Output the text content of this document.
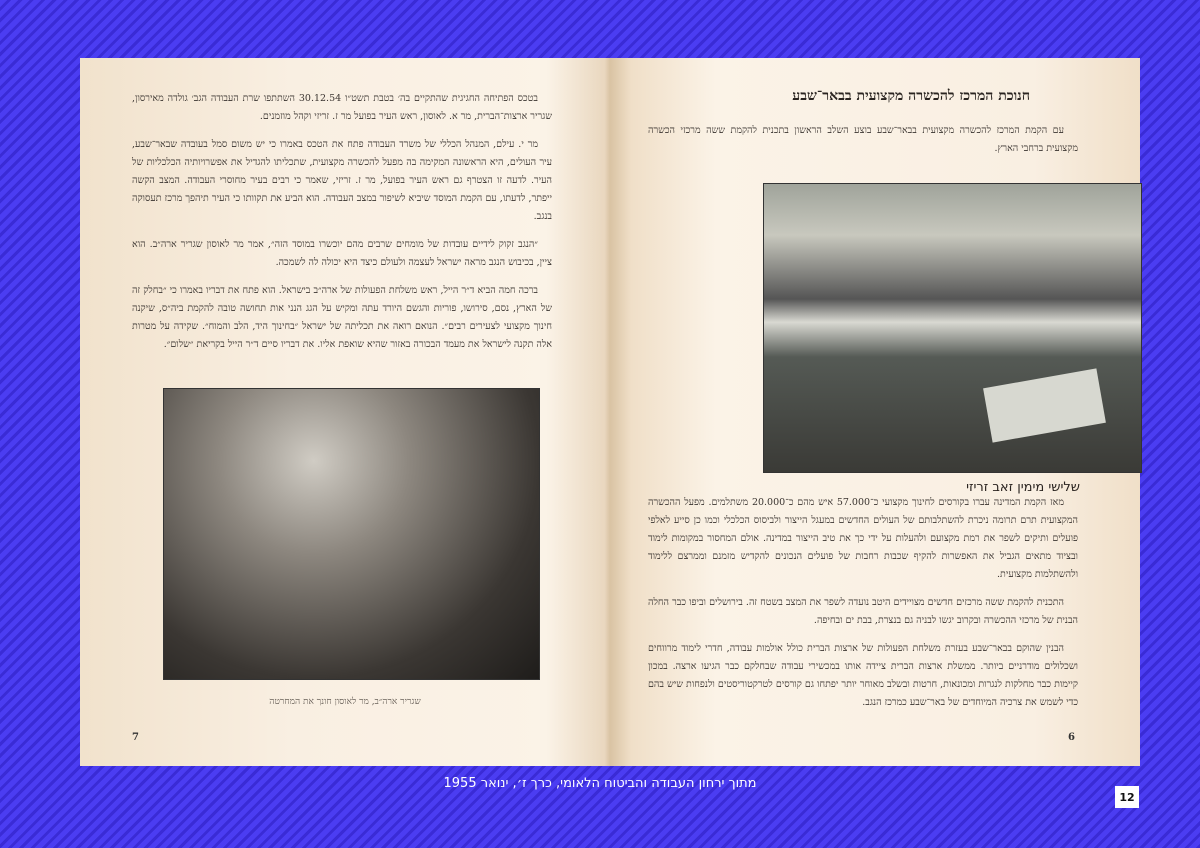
בטכס הפתיחה החגיגית שהתקיים בה׳ בטבת תשט״ו 30.12.54 השתתפו שרת העבודה הגב׳ גולדה מאירסון, שגריר ארצות־הברית, מר א. לאוסון, ראש העיר בפועל מר ז. זריזי וקהל מוזמנים.

מר י. עילם, המנהל הכללי של משרד העבודה פתח את הטכס באמרו כי יש משום סמל בעובדה שבאר־שבע, עיר העולים, היא הראשונה המקימה בה מפעל להכשרה מקצועית, שתכליתו להגדיל את אפשרויותיה הכלכליות של העיר. לדעה זו הצטרף גם ראש העיר בפועל, מר ז. זריזי, שאמר כי רבים בעיר מחוסרי העבודה. המצב הקשה ייפתר, לדעתו, עם הקמת המוסד שיביא לשיפור במצב העבודה. הוא הביע את תקוותו כי העיר תיהפך מרכז תעסוקה בנגב.

״הנגב זקוק לידיים עובדות של מומחים שרבים מהם יוכשרו במוסד הזה״, אמר מר לאוסון שגריר ארה״ב. הוא ציין, בכיבוש הנגב מראה ישראל לעצמה ולעולם כיצד היא יכולה לה לשמכה.

ברכה חמה הביא ד״ר הייל, ראש משלחת הפעולות של ארה״ב בישראל. הוא פתח את דבריו באמרו כי ״בחלק זה של הארץ, נסם, סירושו, פוריות והגשם היורד עתה ומקיש על הגג הנני אות תחושה טובה להקמת ביה״ס, שיקנה חינוך מקצועי לצעירים רבים״. הנואם רואה את תכליתה של ישראל ״בחינוך היד, הלב והמוח״. שקידה על מטרות אלה תקנה לישראל את מעמד הבכורה באזור שהיא שואפת אליו. את דבריו סיים ד״ר הייל בקריאת ״שלום״.

שגריר ארה״ב, מר לאוסון חונך את המחרטה
7
חנוכת המרכז להכשרה מקצועית בבאר־שבע

עם הקמת המרכז להכשרה מקצועית בבאר־שבע בוצע השלב הראשון בתכנית להקמת ששה מרכזי הכשרה מקצועית ברחבי הארץ.

שלישי מימין זאב זריזי

מאז הקמת המדינה עברו בקורסים לחינוך מקצועי כ־57.000 איש מהם כ־20.000 משתלמים. מפעל ההכשרה המקצועית תרם תרומה ניכרת להשתלבותם של העולים החדשים במעגל הייצור ולביסוס הכלכלי וכמו כן סייע לאלפי פועלים ותיקים לשפר את רמת מקצועם ולהעלות על ידי כך את טיב הייצור במדינה. אולם המחסור במקומות לימוד ובציוד מתאים הגביל את האפשרות להקיף שכבות רחבות של פועלים הנכונים להקדיש מזמנם וממרצם ללימוד ולהשתלמות מקצועית.

התכנית להקמת ששה מרכזים חדשים מצויידים היטב נועדה לשפר את המצב בשטח זה. בירושלים וביפו כבר החלה הבנית של מרכזי ההכשרה ובקרוב יגשו לבניה גם בנצרת, בבת ים ובחיפה.

הבנין שהוקם בבאר־שבע בעזרת משלחת הפעולות של ארצות הברית כולל אולמות עבודה, חדרי לימוד מרווחים ושכלולים מודרניים ביותר. ממשלת ארצות הברית ציידה אותו במכשירי עבודה שבחלקם כבר הגיעו ארצה. במכון קיימות כבר מחלקות לנגרות ומכונאות, חרטות ובשלב מאוחר יותר יפתחו גם קורסים לטרקטוריסטים ולנפחות שיש בהם כדי לשמש את צרכיה המיוחדים של באר־שבע כמרכז הנגב.

6
מתוך ירחון העבודה והביטוח הלאומי, כרך ז׳, ינואר 1955
12
